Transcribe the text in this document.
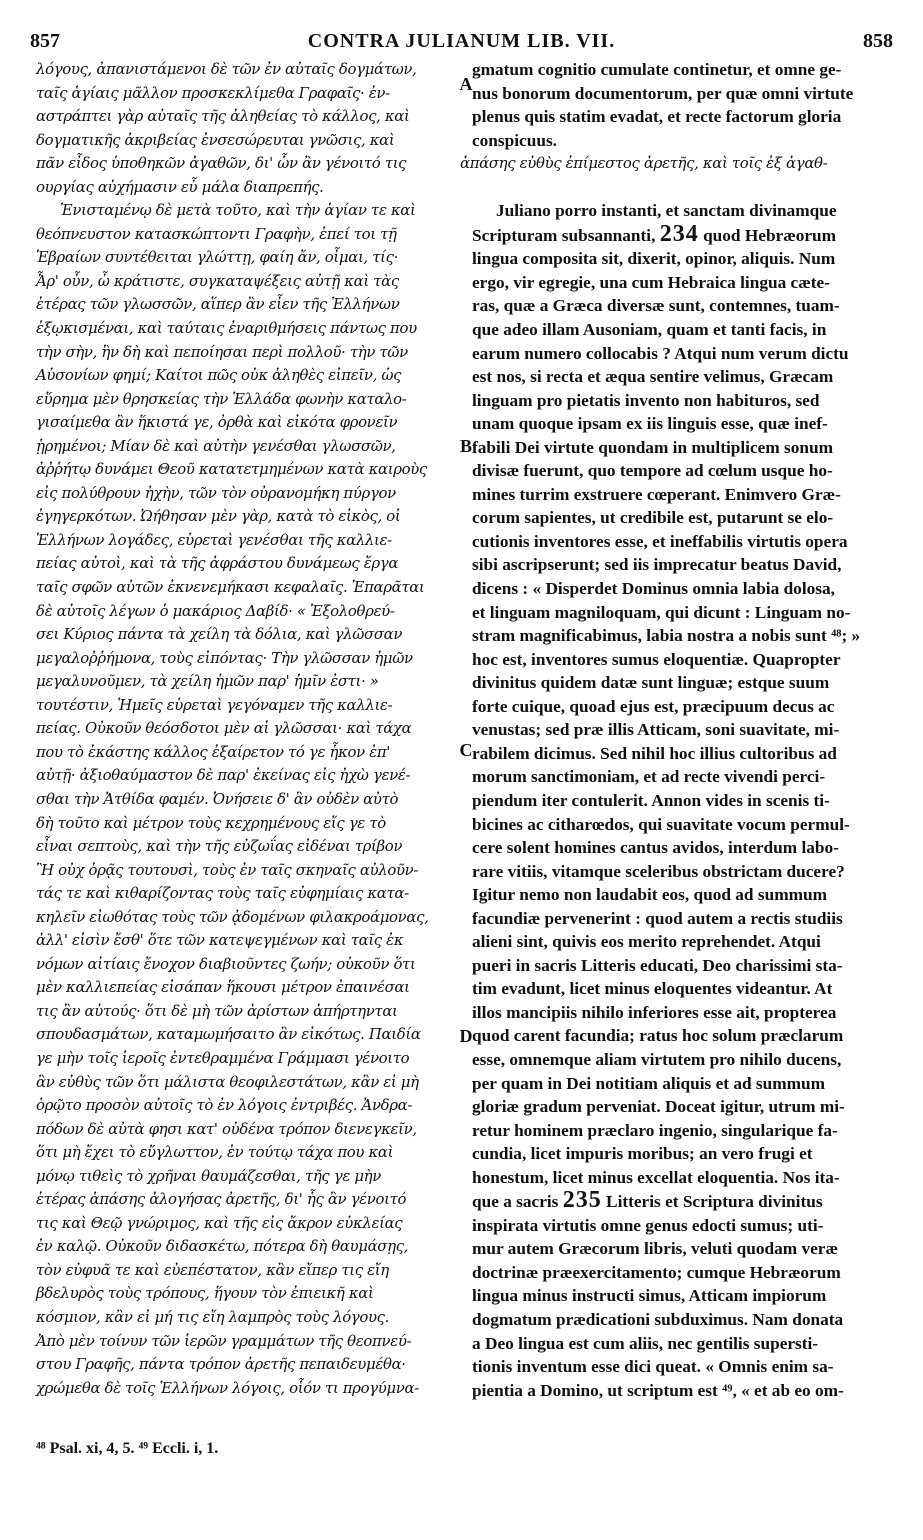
857	CONTRA JULIANUM LIB. VII.	858
A
B
C
D
λόγους, ἀπανιστάμενοι δὲ τῶν ἐν αὐταῖς δογμάτων,
ταῖς ἁγίαις μᾶλλον προσκεκλίμεθα Γραφαῖς· ἐν-
αστράπτει γὰρ αὐταῖς τῆς ἀληθείας τὸ κάλλος, καὶ
δογματικῆς ἀκριβείας ἐνσεσώρευται γνῶσις, καὶ
πᾶν εἶδος ὑποθηκῶν ἀγαθῶν, δι' ὧν ἂν γένοιτό τις	ἁπάσης εὐθὺς ἐπίμεστος ἀρετῆς, καὶ τοῖς ἐξ ἀγαθ-
ουργίας αὐχήμασιν εὖ μάλα διαπρεπής.
Ἐνισταμένῳ δὲ μετὰ τοῦτο, καὶ τὴν ἁγίαν τε καὶ
θεόπνευστον κατασκώπτοντι Γραφὴν, ἐπεί τοι τῇ
Ἑβραίων συντέθειται γλώττῃ, φαίη ἄν, οἶμαι, τίς·
Ἆρ' οὖν, ὦ κράτιστε, συγκαταψέξεις αὐτῇ καὶ τὰς
ἑτέρας τῶν γλωσσῶν, αἵπερ ἂν εἶεν τῆς Ἑλλήνων
ἐξῳκισμέναι, καὶ ταύταις ἐναριθμήσεις πάντως που
τὴν σὴν, ἣν δὴ καὶ πεποίησαι περὶ πολλοῦ· τὴν τῶν
Αὐσονίων φημί; Καίτοι πῶς οὐκ ἀληθὲς εἰπεῖν, ὡς
εὕρημα μὲν θρησκείας τὴν Ἑλλάδα φωνὴν καταλο-
γισαίμεθα ἂν ἥκιστά γε, ὀρθὰ καὶ εἰκότα φρονεῖν
ᾑρημένοι; Μίαν δὲ καὶ αὐτὴν γενέσθαι γλωσσῶν,
ἀῤῥήτῳ δυνάμει Θεοῦ κατατετμημένων κατὰ καιροὺς
εἰς πολύθρουν ἠχὴν, τῶν τὸν οὐρανομήκη πύργον
ἐγηγερκότων. Ὠήθησαν μὲν γὰρ, κατὰ τὸ εἰκὸς, οἱ
Ἑλλήνων λογάδες, εὑρεταὶ γενέσθαι τῆς καλλιε-
πείας αὐτοὶ, καὶ τὰ τῆς ἀφράστου δυνάμεως ἔργα
ταῖς σφῶν αὐτῶν ἐκνενεμήκασι κεφαλαῖς. Ἐπαρᾶται
δὲ αὐτοῖς λέγων ὁ μακάριος Δαβίδ· « Ἐξολοθρεύ-
σει Κύριος πάντα τὰ χείλη τὰ δόλια, καὶ γλῶσσαν
μεγαλοῤῥήμονα, τοὺς εἰπόντας· Τὴν γλῶσσαν ἡμῶν
μεγαλυνοῦμεν, τὰ χείλη ἡμῶν παρ' ἡμῖν ἐστι· »
τουτέστιν, Ἡμεῖς εὑρεταὶ γεγόναμεν τῆς καλλιε-
πείας. Οὐκοῦν θεόσδοτοι μὲν αἱ γλῶσσαι· καὶ τάχα
που τὸ ἑκάστης κάλλος ἐξαίρετον τό γε ἧκον ἐπ'
αὐτῇ· ἀξιοθαύμαστον δὲ παρ' ἐκείνας εἰς ἠχὼ γενέ-
σθαι τὴν Ἀτθίδα φαμέν. Ὀνήσειε δ' ἂν οὐδὲν αὐτὸ
δὴ τοῦτο καὶ μέτρον τοὺς κεχρημένους εἴς γε τὸ
εἶναι σεπτοὺς, καὶ τὴν τῆς εὐζωΐας εἰδέναι τρίβον
Ἢ οὐχ ὁρᾷς τουτουσὶ, τοὺς ἐν ταῖς σκηναῖς αὐλοῦν-
τάς τε καὶ κιθαρίζοντας τοὺς ταῖς εὐφημίαις κατα-
κηλεῖν εἰωθότας τοὺς τῶν ᾀδομένων φιλακροάμονας,
ἀλλ' εἰσὶν ἔσθ' ὅτε τῶν κατεψεγμένων καὶ ταῖς ἐκ
νόμων αἰτίαις ἔνοχον διαβιοῦντες ζωήν; οὐκοῦν ὅτι
μὲν καλλιεπείας εἰσάπαν ἥκουσι μέτρον ἐπαινέσαι
τις ἂν αὐτούς· ὅτι δὲ μὴ τῶν ἀρίστων ἀπήρτηνται
σπουδασμάτων, καταμωμήσαιτο ἂν εἰκότως. Παιδία
γε μὴν τοῖς ἱεροῖς ἐντεθραμμένα Γράμμασι γένοιτο
ἂν εὐθὺς τῶν ὅτι μάλιστα θεοφιλεστάτων, κἂν εἰ μὴ
ὁρῷτο προσὸν αὐτοῖς τὸ ἐν λόγοις ἐντριβές. Ἀνδρα-
πόδων δὲ αὐτὰ φησι κατ' οὐδένα τρόπον διενεγκεῖν,
ὅτι μὴ ἔχει τὸ εὔγλωττον, ἐν τούτῳ τάχα που καὶ
μόνῳ τιθεὶς τὸ χρῆναι θαυμάζεσθαι, τῆς γε μὴν
ἑτέρας ἁπάσης ἀλογήσας ἀρετῆς, δι' ἧς ἂν γένοιτό
τις καὶ Θεῷ γνώριμος, καὶ τῆς εἰς ἄκρον εὐκλείας
ἐν καλῷ. Οὐκοῦν διδασκέτω, πότερα δὴ θαυμάσῃς,
τὸν εὐφυᾶ τε καὶ εὐεπέστατον, κἂν εἴπερ τις εἴη
βδελυρὸς τοὺς τρόπους, ἥγουν τὸν ἐπιεικῆ καὶ
κόσμιον, κἂν εἰ μή τις εἴη λαμπρὸς τοὺς λόγους.
Ἀπὸ μὲν τοίνυν τῶν ἱερῶν γραμμάτων τῆς θεοπνεύ-
στου Γραφῆς, πάντα τρόπον ἀρετῆς πεπαιδευμέθα·
χρώμεθα δὲ τοῖς Ἑλλήνων λόγοις, οἷόν τι προγύμνα-
gmatum cognitio cumulate continetur, et omne ge-
nus bonorum documentorum, per quæ omni virtute
plenus quis statim evadat, et recte factorum gloria
conspicuus.
Juliano porro instanti, et sanctam divinamque
Scripturam subsannanti, 234 quod Hebræorum
lingua composita sit, dixerit, opinor, aliquis. Num
ergo, vir egregie, una cum Hebraica lingua cæte-
ras, quæ a Græca diversæ sunt, contemnes, tuam-
que adeo illam Ausoniam, quam et tanti facis, in
earum numero collocabis ? Atqui num verum dictu
est nos, si recta et æqua sentire velimus, Græcam
linguam pro pietatis invento non habituros, sed
unam quoque ipsam ex iis linguis esse, quæ inef-
fabili Dei virtute quondam in multiplicem sonum
divisæ fuerunt, quo tempore ad cœlum usque ho-
mines turrim exstruere cœperant. Enimvero Græ-
corum sapientes, ut credibile est, putarunt se elo-
cutionis inventores esse, et ineffabilis virtutis opera
sibi ascripserunt; sed iis imprecatur beatus David,
dicens : « Disperdet Dominus omnia labia dolosa,
et linguam magniloquam, qui dicunt : Linguam no-
stram magnificabimus, labia nostra a nobis sunt ⁴⁸; »
hoc est, inventores sumus eloquentiæ. Quapropter
divinitus quidem datæ sunt linguæ; estque suum
forte cuique, quoad ejus est, præcipuum decus ac
venustas; sed præ illis Atticam, soni suavitate, mi-
rabilem dicimus. Sed nihil hoc illius cultoribus ad
morum sanctimoniam, et ad recte vivendi perci-
piendum iter contulerit. Annon vides in scenis ti-
bicines ac citharœdos, qui suavitate vocum permul-
cere solent homines cantus avidos, interdum labo-
rare vitiis, vitamque sceleribus obstrictam ducere?
Igitur nemo non laudabit eos, quod ad summum
facundiæ pervenerint : quod autem a rectis studiis
alieni sint, quivis eos merito reprehendet. Atqui
pueri in sacris Litteris educati, Deo charissimi sta-
tim evadunt, licet minus eloquentes videantur. At
illos mancipiis nihilo inferiores esse ait, propterea
quod carent facundia; ratus hoc solum præclarum
esse, omnemque aliam virtutem pro nihilo ducens,
per quam in Dei notitiam aliquis et ad summum
gloriæ gradum perveniat. Doceat igitur, utrum mi-
retur hominem præclaro ingenio, singularique fa-
cundia, licet impuris moribus; an vero frugi et
honestum, licet minus excellat eloquentia. Nos ita-
que a sacris 235 Litteris et Scriptura divinitus
inspirata virtutis omne genus edocti sumus; uti-
mur autem Græcorum libris, veluti quodam veræ
doctrinæ præexercitamento; cumque Hebræorum
lingua minus instructi simus, Atticam impiorum
dogmatum prædicationi subduximus. Nam donata
a Deo lingua est cum aliis, nec gentilis supersti-
tionis inventum esse dici queat. « Omnis enim sa-
pientia a Domino, ut scriptum est ⁴⁹, « et ab eo om-
⁴⁸ Psal. xi, 4, 5. ⁴⁹ Eccli. i, 1.
